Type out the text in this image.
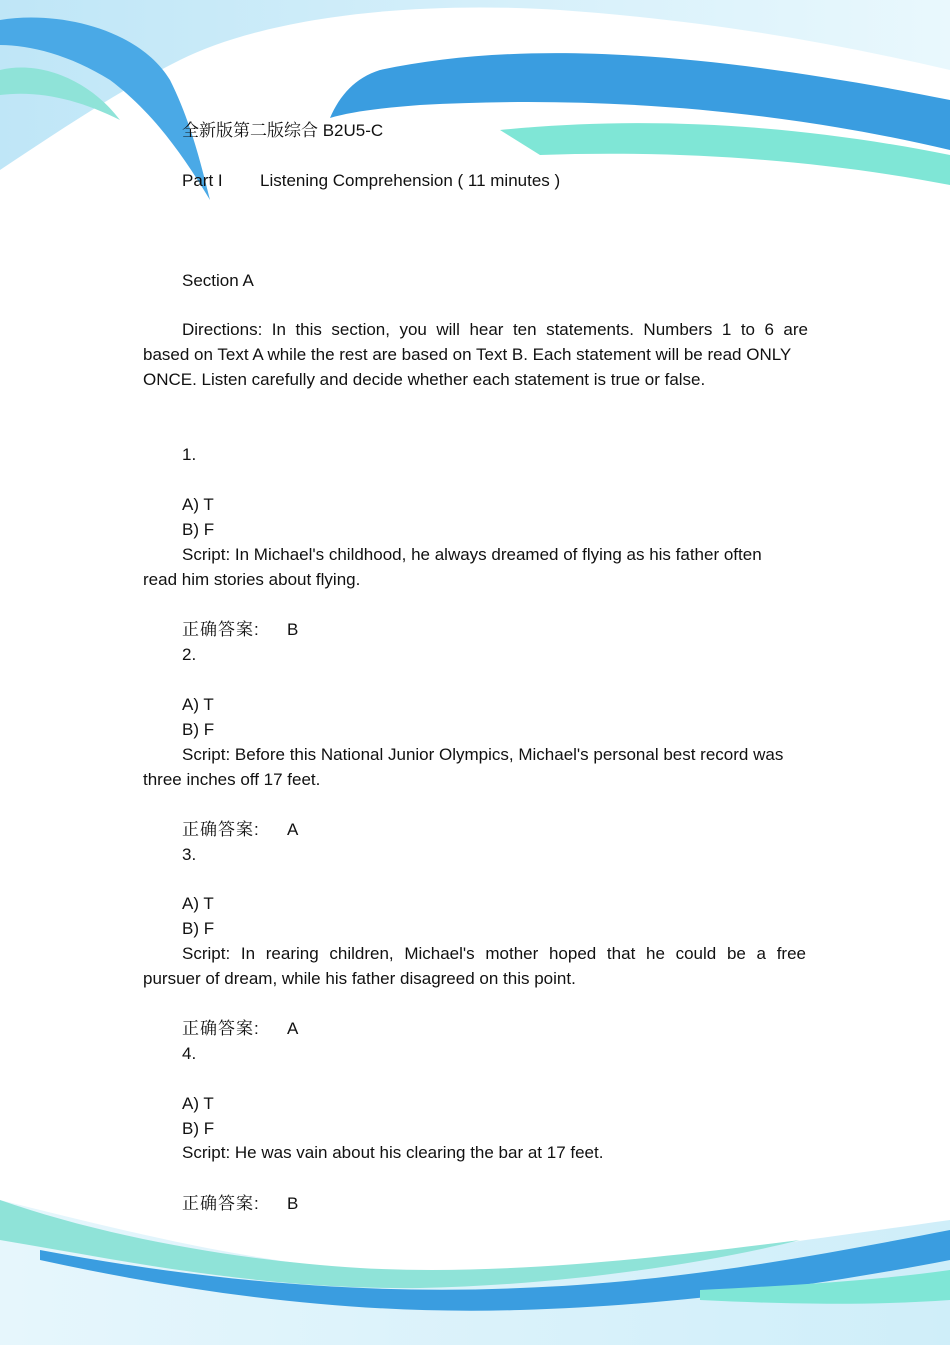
全新版第二版综合 B2U5-C
Part I Listening Comprehension ( 11 minutes )
Section A
Directions: In this section, you will hear ten statements. Numbers 1 to 6 are
based on Text A while the rest are based on Text B. Each statement will be read ONLY ONCE. Listen carefully and decide whether each statement is true or false.
1.
A) T
B) F
Script: In Michael's childhood, he always dreamed of flying as his father often
read him stories about flying.
正确答案: B
2.
A) T
B) F
Script: Before this National Junior Olympics, Michael's personal best record was
three inches off 17 feet.
正确答案: A
3.
A) T
B) F
Script: In rearing children, Michael's mother hoped that he could be a free
pursuer of dream, while his father disagreed on this point.
正确答案: A
4.
A) T
B) F
Script: He was vain about his clearing the bar at 17 feet.
正确答案: B
